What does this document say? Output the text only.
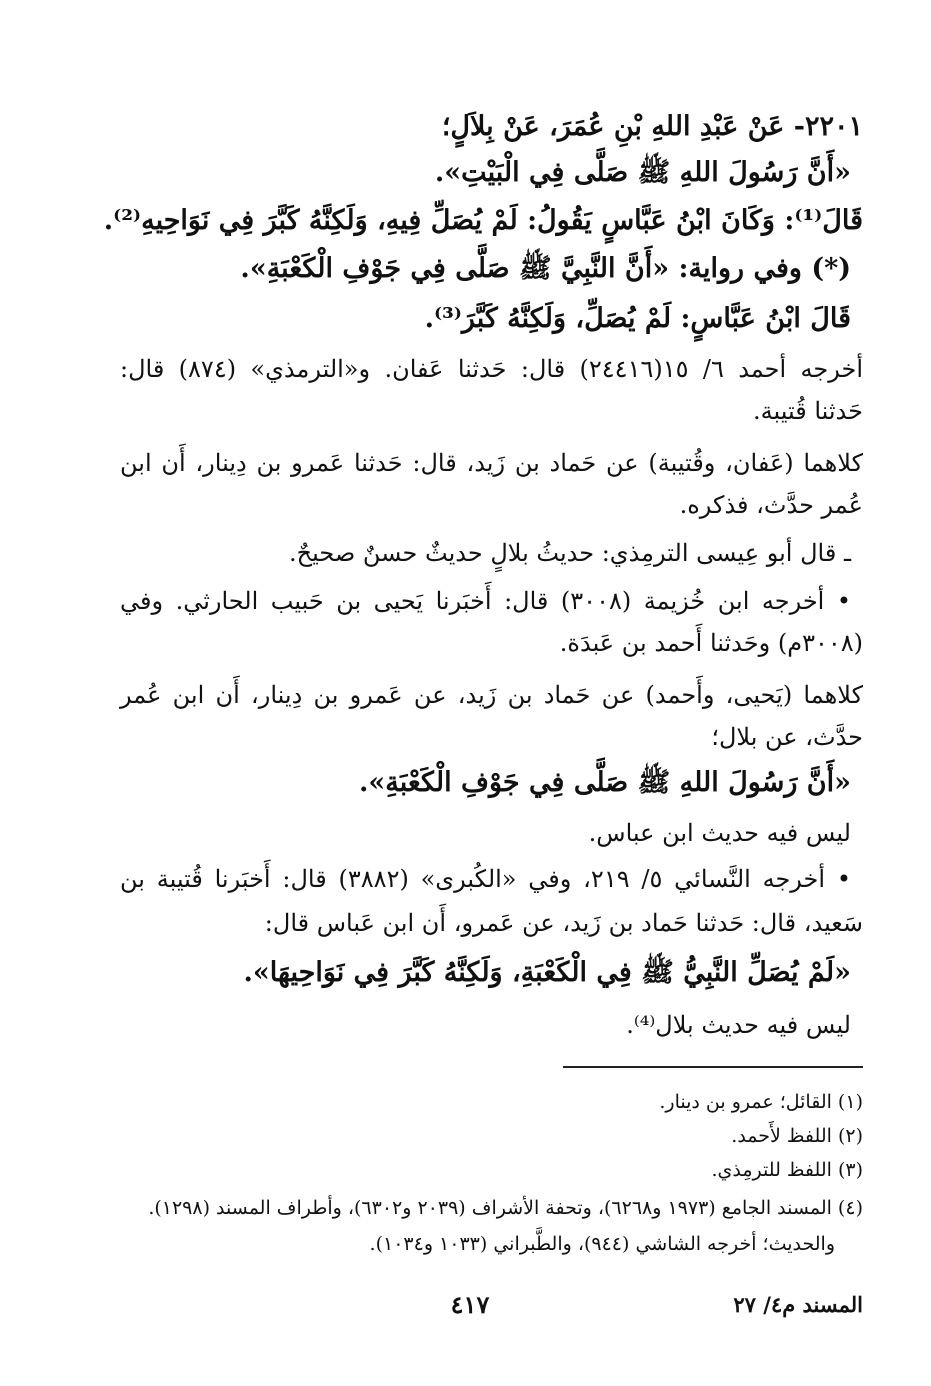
٢٢٠١- عَنْ عَبْدِ اللهِ بْنِ عُمَرَ، عَنْ بِلاَلٍ؛
«أَنَّ رَسُولَ اللهِ ﷺ صَلَّى فِي الْبَيْتِ».
قَالَ⁽¹⁾: وَكَانَ ابْنُ عَبَّاسٍ يَقُولُ: لَمْ يُصَلِّ فِيهِ، وَلَكِنَّهُ كَبَّرَ فِي نَوَاحِيهِ⁽²⁾.
(*) وفي رواية: «أَنَّ النَّبِيَّ ﷺ صَلَّى فِي جَوْفِ الْكَعْبَةِ».
قَالَ ابْنُ عَبَّاسٍ: لَمْ يُصَلِّ، وَلَكِنَّهُ كَبَّرَ⁽³⁾.
أخرجه أحمد ٦/ ١٥(٢٤٤١٦) قال: حَدثنا عَفان. و«الترمذي» (٨٧٤) قال:
حَدثنا قُتيبة.
كلاهما (عَفان، وقُتيبة) عن حَماد بن زَيد، قال: حَدثنا عَمرو بن دِينار، أَن ابن
عُمر حدَّث، فذكره.
ـ قال أبو عِيسى الترمِذي: حديثُ بلالٍ حديثٌ حسنٌ صحيحٌ.
• أخرجه ابن خُزيمة (٣٠٠٨) قال: أَخبَرنا يَحيى بن حَبيب الحارثي. وفي
(٣٠٠٨م) وحَدثنا أَحمد بن عَبدَة.
كلاهما (يَحيى، وأَحمد) عن حَماد بن زَيد، عن عَمرو بن دِينار، أَن ابن عُمر
حدَّث، عن بلال؛
«أَنَّ رَسُولَ اللهِ ﷺ صَلَّى فِي جَوْفِ الْكَعْبَةِ».
ليس فيه حديث ابن عباس.
• أخرجه النَّسائي ٥/ ٢١٩، وفي «الكُبرى» (٣٨٨٢) قال: أَخبَرنا قُتيبة بن
سَعيد، قال: حَدثنا حَماد بن زَيد، عن عَمرو، أَن ابن عَباس قال:
«لَمْ يُصَلِّ النَّبِيُّ ﷺ فِي الْكَعْبَةِ، وَلَكِنَّهُ كَبَّرَ فِي نَوَاحِيهَا».
ليس فيه حديث بلال⁽⁴⁾.
(١) القائل؛ عمرو بن دينار.
(٢) اللفظ لأَحمد.
(٣) اللفظ للترمِذي.
(٤) المسند الجامع (١٩٧٣ و٦٢٦٨)، وتحفة الأشراف (٢٠٣٩ و٦٣٠٢)، وأطراف المسند (١٢٩٨).
والحديث؛ أخرجه الشاشي (٩٤٤)، والطَّبراني (١٠٣٣ و١٠٣٤).
المسند م٤/ ٢٧
٤١٧
